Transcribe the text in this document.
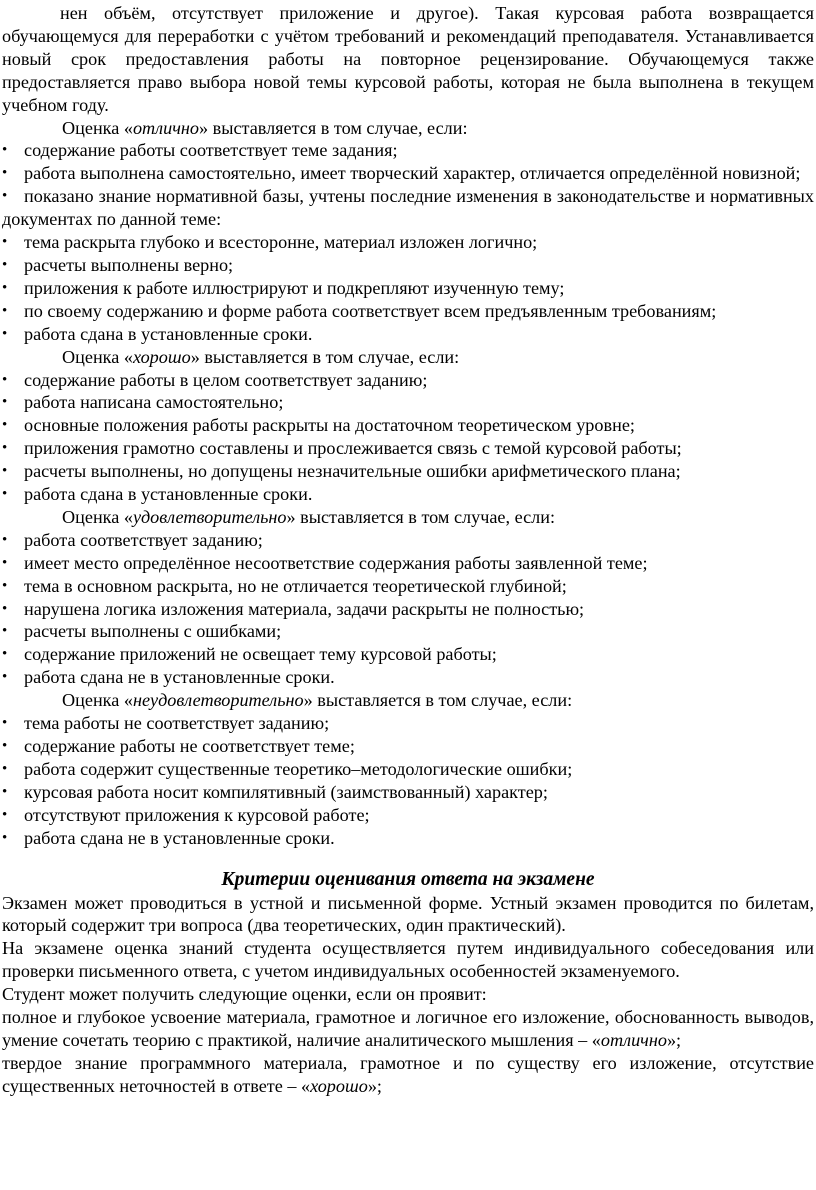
нен объём, отсутствует приложение и другое). Такая курсовая работа возвращается обучающемуся для переработки с учётом требований и рекомендаций преподавателя. Устанавливается новый срок предоставления работы на повторное рецензирование. Обучающемуся также предоставляется право выбора новой темы курсовой работы, которая не была выполнена в текущем учебном году.

Оценка «отлично» выставляется в том случае, если:

• содержание работы соответствует теме задания;
• работа выполнена самостоятельно, имеет творческий характер, отличается определённой новизной;
• показано знание нормативной базы, учтены последние изменения в законодательстве и нормативных документах по данной теме:
• тема раскрыта глубоко и всесторонне, материал изложен логично;
• расчеты выполнены верно;
• приложения к работе иллюстрируют и подкрепляют изученную тему;
• по своему содержанию и форме работа соответствует всем предъявленным требованиям;
• работа сдана в установленные сроки.

Оценка «хорошо» выставляется в том случае, если:

• содержание работы в целом соответствует заданию;
• работа написана самостоятельно;
• основные положения работы раскрыты на достаточном теоретическом уровне;
• приложения грамотно составлены и прослеживается связь с темой курсовой работы;
• расчеты выполнены, но допущены незначительные ошибки арифметического плана;
• работа сдана в установленные сроки.

Оценка «удовлетворительно» выставляется в том случае, если:

• работа соответствует заданию;
• имеет место определённое несоответствие содержания работы заявленной теме;
• тема в основном раскрыта, но не отличается теоретической глубиной;
• нарушена логика изложения материала, задачи раскрыты не полностью;
• расчеты выполнены с ошибками;
• содержание приложений не освещает тему курсовой работы;
• работа сдана не в установленные сроки.

Оценка «неудовлетворительно» выставляется в том случае, если:

• тема работы не соответствует заданию;
• содержание работы не соответствует теме;
• работа содержит существенные теоретико–методологические ошибки;
• курсовая работа носит компилятивный (заимствованный) характер;
• отсутствуют приложения к курсовой работе;
• работа сдана не в установленные сроки.
Критерии оценивания ответа на экзамене

Экзамен может проводиться в устной и письменной форме. Устный экзамен проводится по билетам, который содержит три вопроса (два теоретических, один практический).

На экзамене оценка знаний студента осуществляется путем индивидуального собеседования или проверки письменного ответа, с учетом индивидуальных особенностей экзаменуемого.

Студент может получить следующие оценки, если он проявит:

полное и глубокое усвоение материала, грамотное и логичное его изложение, обоснованность выводов, умение сочетать теорию с практикой, наличие аналитического мышления – «отлично»;

твердое знание программного материала, грамотное и по существу его изложение, отсутствие существенных неточностей в ответе – «хорошо»;
